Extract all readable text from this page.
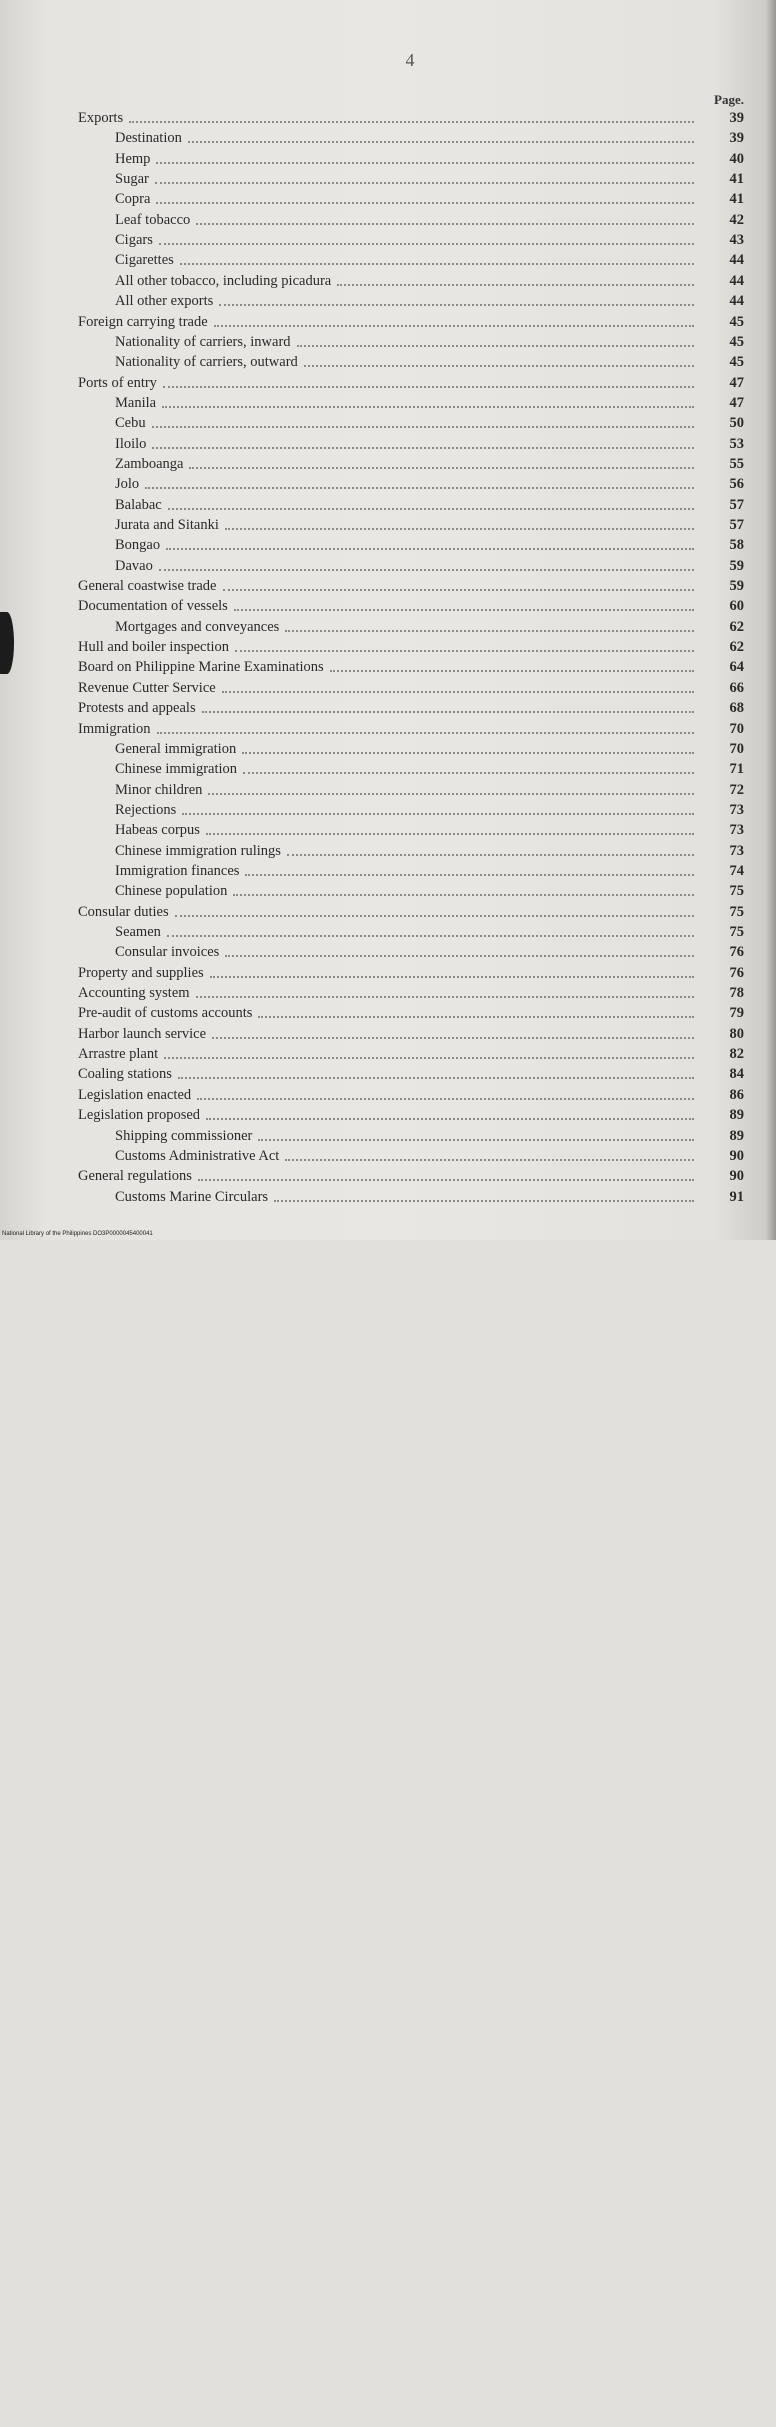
4
Page.
Exports	39
Destination	39
Hemp	40
Sugar	41
Copra	41
Leaf tobacco	42
Cigars	43
Cigarettes	44
All other tobacco, including picadura	44
All other exports	44
Foreign carrying trade	45
Nationality of carriers, inward	45
Nationality of carriers, outward	45
Ports of entry	47
Manila	47
Cebu	50
Iloilo	53
Zamboanga	55
Jolo	56
Balabac	57
Jurata and Sitanki	57
Bongao	58
Davao	59
General coastwise trade	59
Documentation of vessels	60
Mortgages and conveyances	62
Hull and boiler inspection	62
Board on Philippine Marine Examinations	64
Revenue Cutter Service	66
Protests and appeals	68
Immigration	70
General immigration	70
Chinese immigration	71
Minor children	72
Rejections	73
Habeas corpus	73
Chinese immigration rulings	73
Immigration finances	74
Chinese population	75
Consular duties	75
Seamen	75
Consular invoices	76
Property and supplies	76
Accounting system	78
Pre-audit of customs accounts	79
Harbor launch service	80
Arrastre plant	82
Coaling stations	84
Legislation enacted	86
Legislation proposed	89
Shipping commissioner	89
Customs Administrative Act	90
General regulations	90
Customs Marine Circulars	91
National Library of the Philippines DO3P0000045400041
